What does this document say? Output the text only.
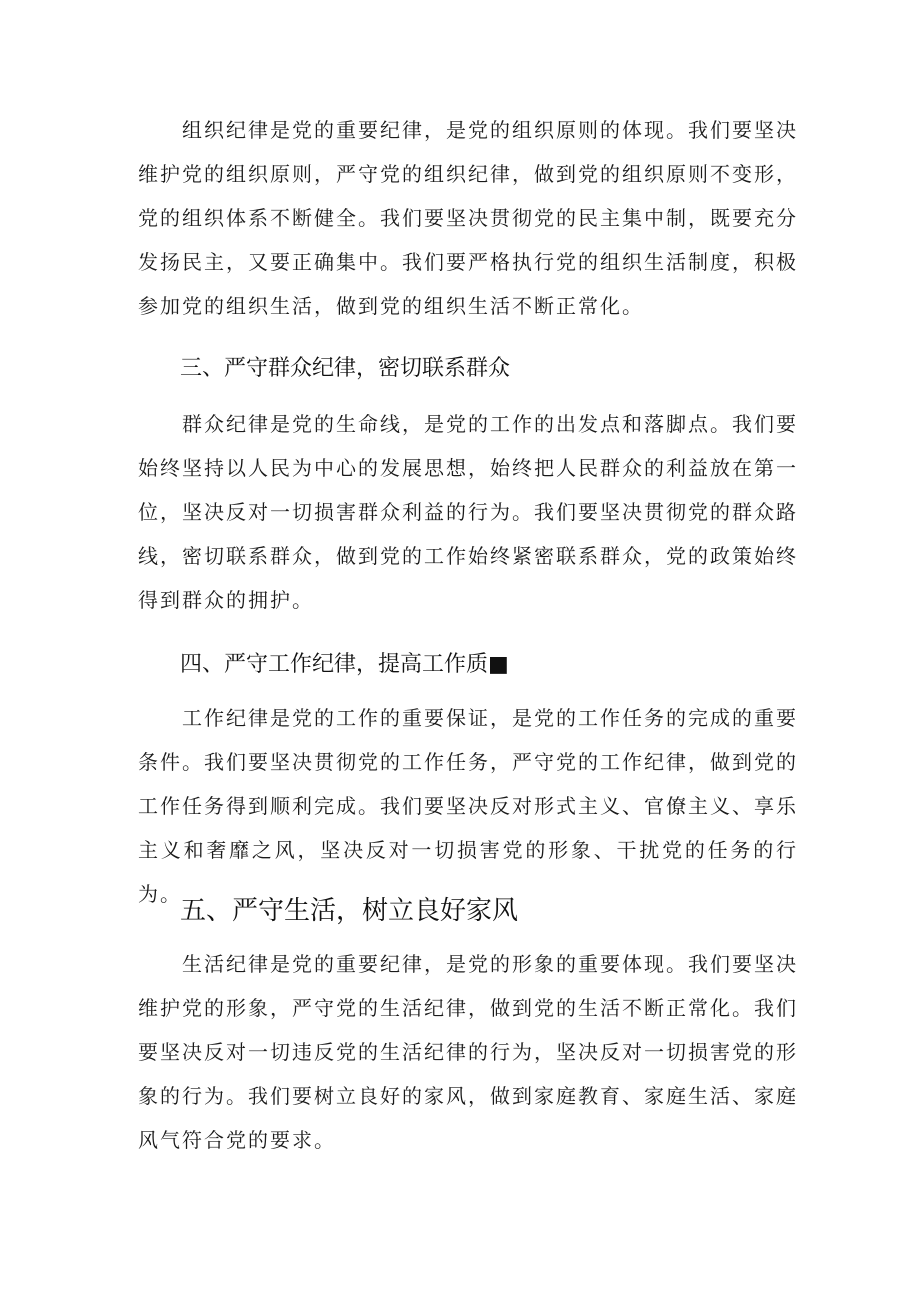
组织纪律是党的重要纪律，是党的组织原则的体现。我们要坚决维护党的组织原则，严守党的组织纪律，做到党的组织原则不变形，党的组织体系不断健全。我们要坚决贯彻党的民主集中制，既要充分发扬民主，又要正确集中。我们要严格执行党的组织生活制度，积极参加党的组织生活，做到党的组织生活不断正常化。

三、严守群众纪律，密切联系群众

群众纪律是党的生命线，是党的工作的出发点和落脚点。我们要始终坚持以人民为中心的发展思想，始终把人民群众的利益放在第一位，坚决反对一切损害群众利益的行为。我们要坚决贯彻党的群众路线，密切联系群众，做到党的工作始终紧密联系群众，党的政策始终得到群众的拥护。

四、严守工作纪律，提高工作质■

工作纪律是党的工作的重要保证，是党的工作任务的完成的重要条件。我们要坚决贯彻党的工作任务，严守党的工作纪律，做到党的工作任务得到顺利完成。我们要坚决反对形式主义、官僚主义、享乐主义和奢靡之风，坚决反对一切损害党的形象、干扰党的任务的行为。

五、严守生活，树立良好家风

生活纪律是党的重要纪律，是党的形象的重要体现。我们要坚决维护党的形象，严守党的生活纪律，做到党的生活不断正常化。我们要坚决反对一切违反党的生活纪律的行为，坚决反对一切损害党的形象的行为。我们要树立良好的家风，做到家庭教育、家庭生活、家庭风气符合党的要求。
